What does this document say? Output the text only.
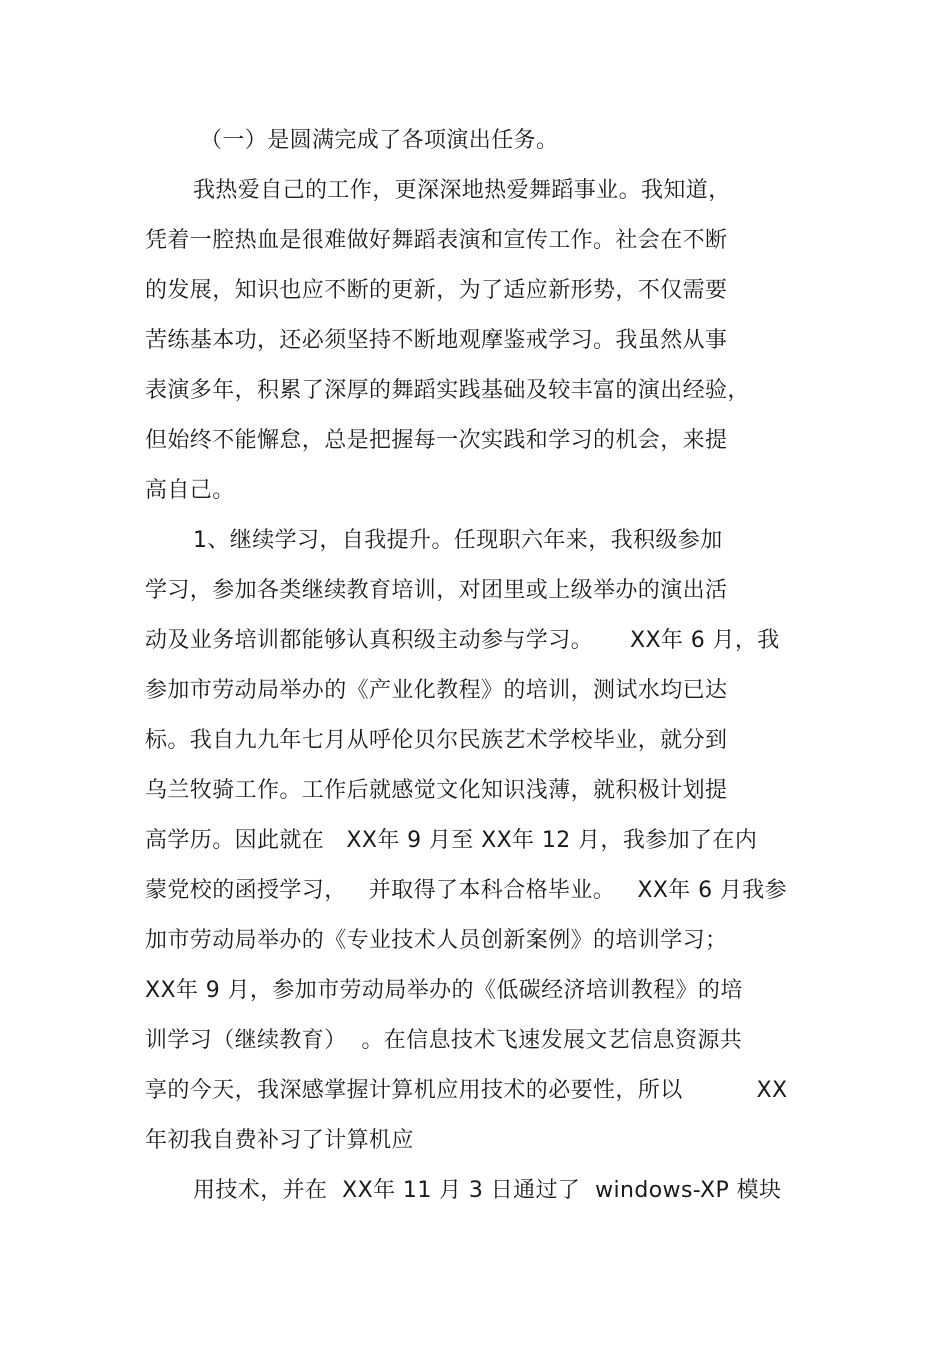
（一）是圆满完成了各项演出任务。
我热爱自己的工作，更深深地热爱舞蹈事业。我知道，
凭着一腔热血是很难做好舞蹈表演和宣传工作。社会在不断
的发展，知识也应不断的更新，为了适应新形势，不仅需要
苦练基本功，还必须坚持不断地观摩鉴戒学习。我虽然从事
表演多年，积累了深厚的舞蹈实践基础及较丰富的演出经验，
但始终不能懈怠，总是把握每一次实践和学习的机会，来提
高自己。
1、继续学习，自我提升。任现职六年来，我积级参加
学习，参加各类继续教育培训，对团里或上级举办的演出活
动及业务培训都能够认真积级主动参与学习。     XX年 6 月，我
参加市劳动局举办的《产业化教程》的培训，测试水均已达
标。我自九九年七月从呼伦贝尔民族艺术学校毕业，就分到
乌兰牧骑工作。工作后就感觉文化知识浅薄，就积极计划提
高学历。因此就在   XX年 9 月至 XX年 12 月，我参加了在内
蒙党校的函授学习，   并取得了本科合格毕业。   XX年 6 月我参
加市劳动局举办的《专业技术人员创新案例》的培训学习；
XX年 9 月，参加市劳动局举办的《低碳经济培训教程》的培
训学习（继续教育）  。在信息技术飞速发展文艺信息资源共
享的今天，我深感掌握计算机应用技术的必要性，所以          XX
年初我自费补习了计算机应
用技术，并在  XX年 11 月 3 日通过了  windows-XP 模块
